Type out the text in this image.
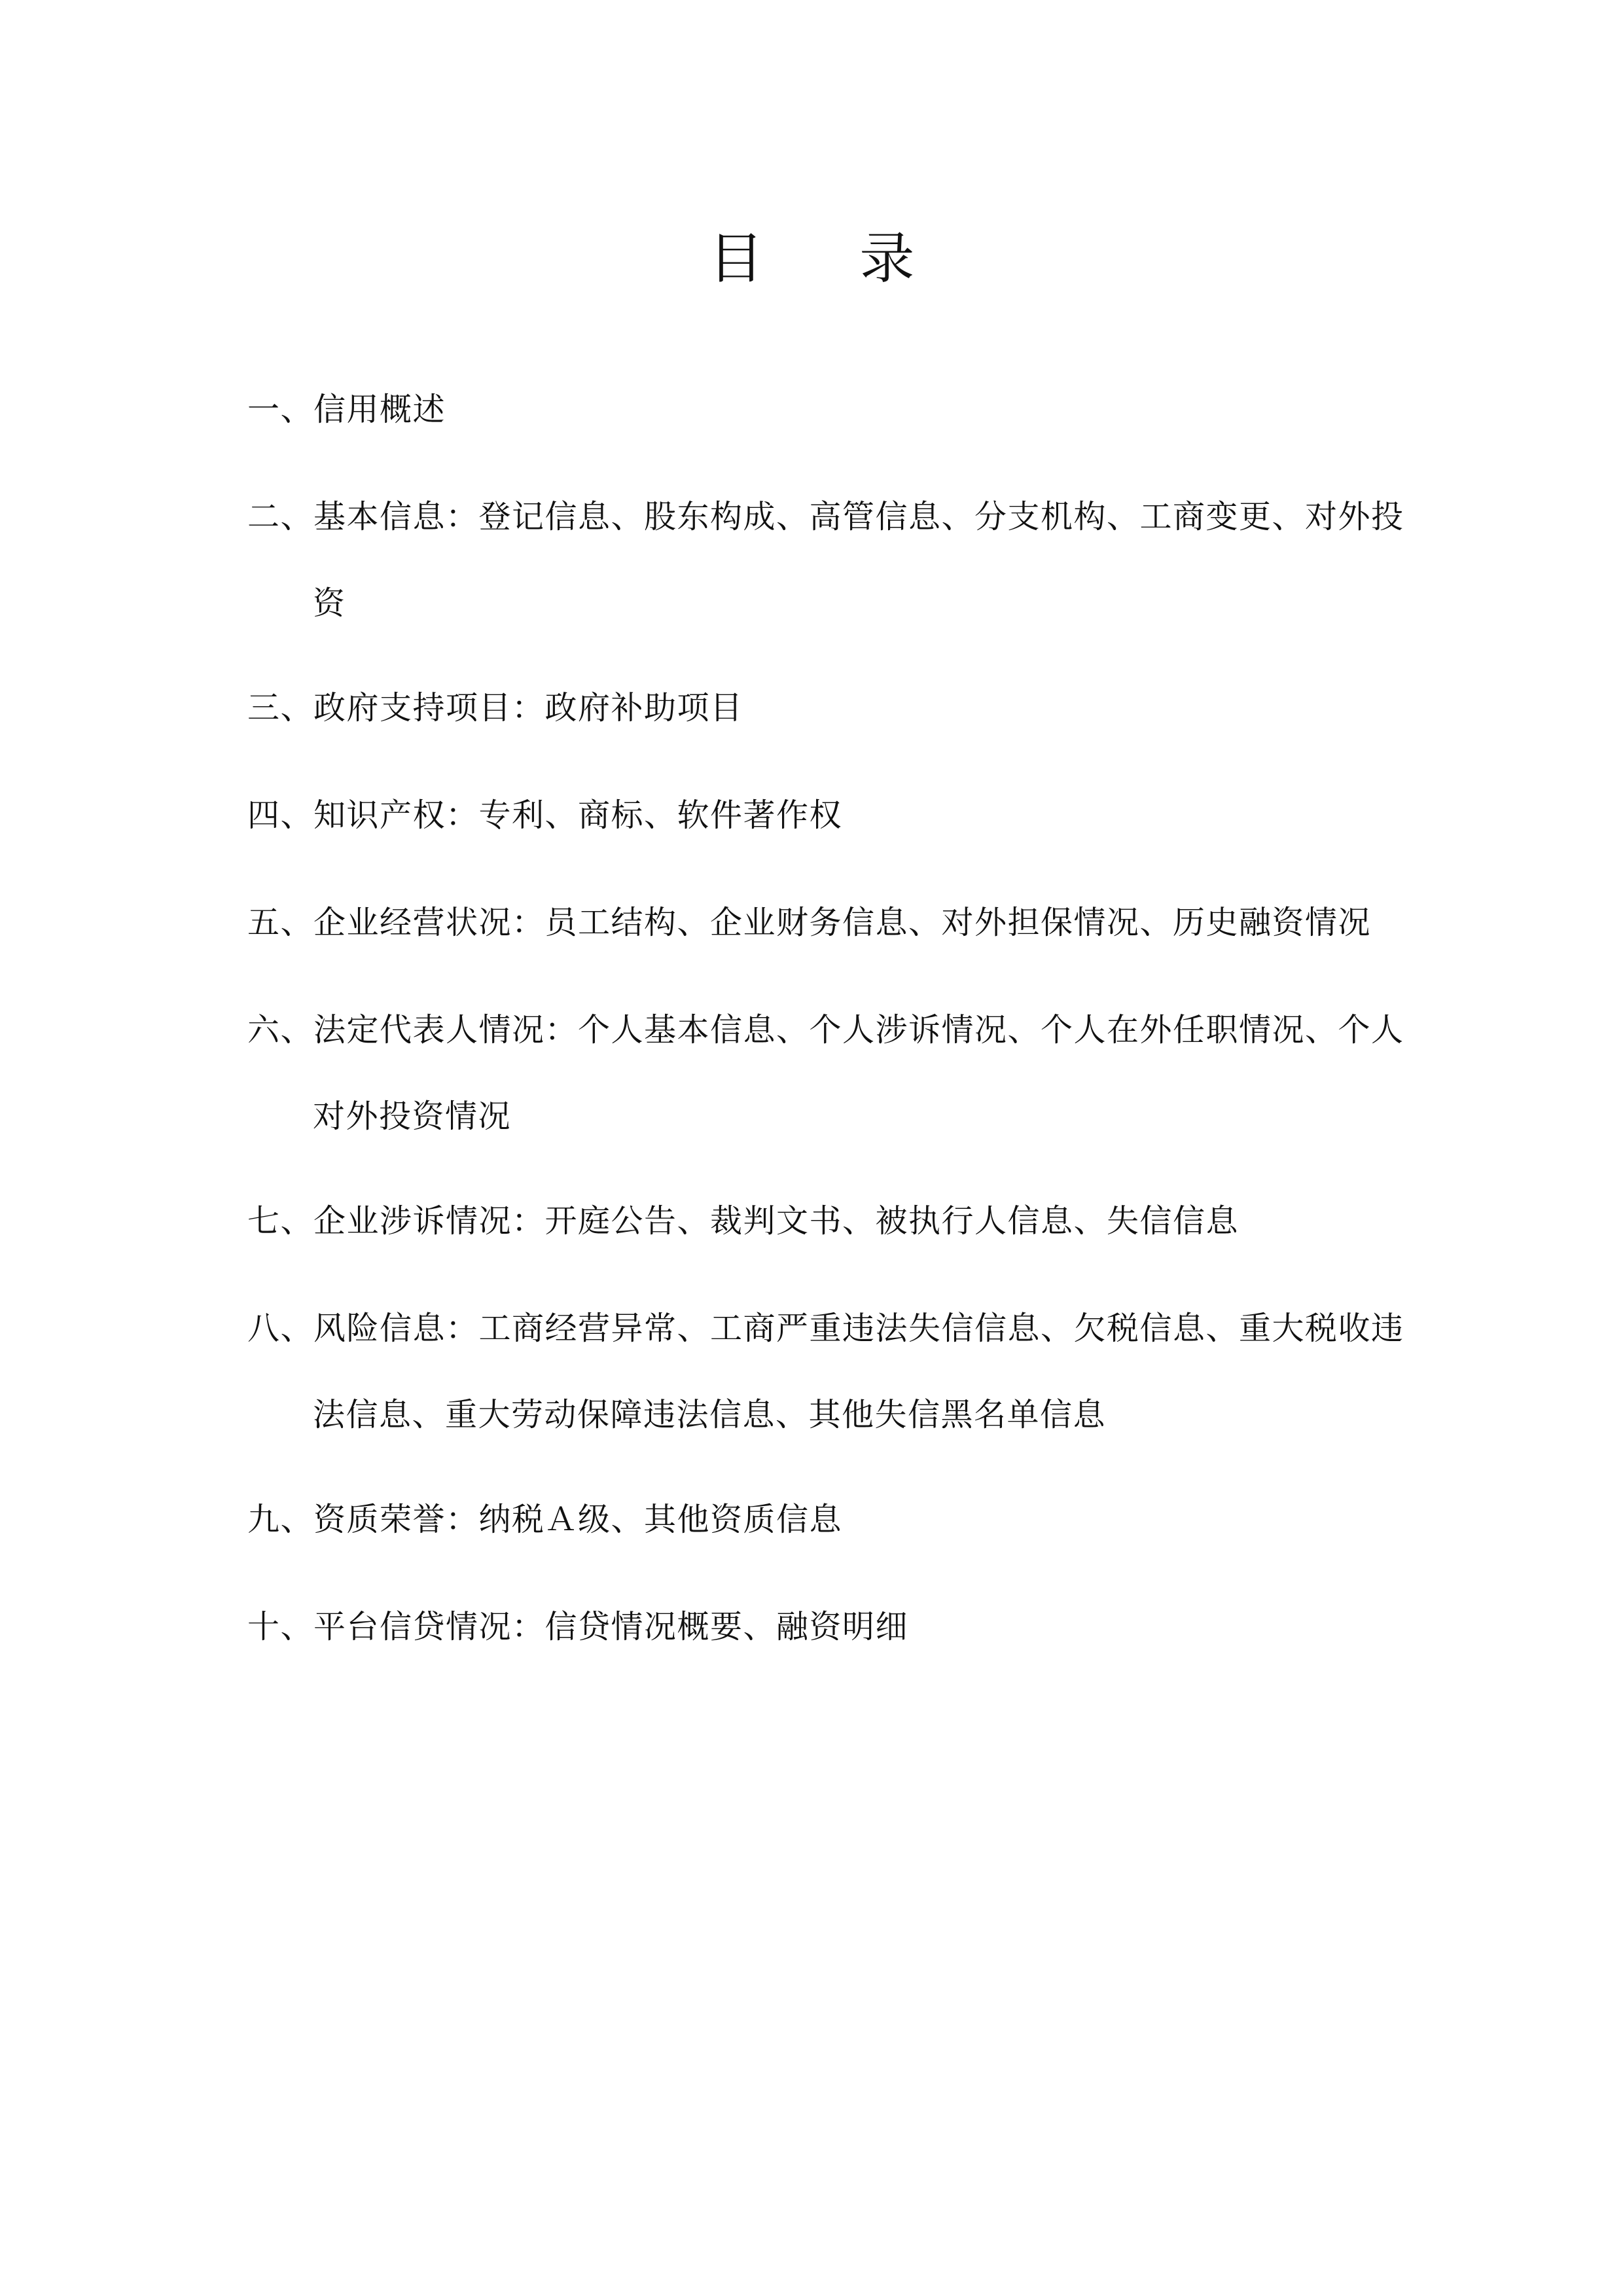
目 录
一、信用概述
二、基本信息：登记信息、股东构成、高管信息、分支机构、工商变更、对外投
资
三、政府支持项目：政府补助项目
四、知识产权：专利、商标、软件著作权
五、企业经营状况：员工结构、企业财务信息、对外担保情况、历史融资情况
六、法定代表人情况：个人基本信息、个人涉诉情况、个人在外任职情况、个人
对外投资情况
七、企业涉诉情况：开庭公告、裁判文书、被执行人信息、失信信息
八、风险信息：工商经营异常、工商严重违法失信信息、欠税信息、重大税收违
法信息、重大劳动保障违法信息、其他失信黑名单信息
九、资质荣誉：纳税Ａ级、其他资质信息
十、平台信贷情况：信贷情况概要、融资明细
